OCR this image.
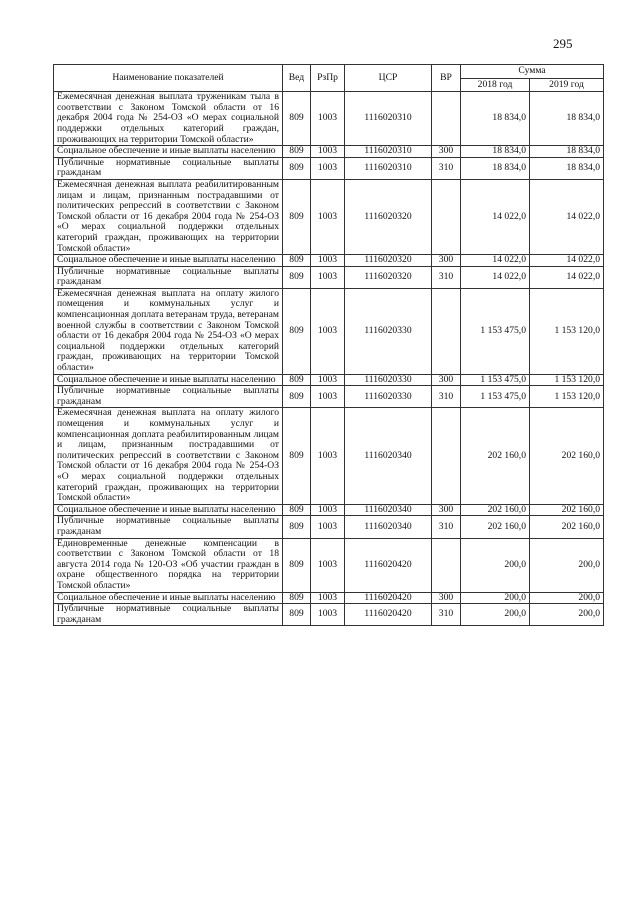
295
Наименование показателей	Вед	РзПр	ЦСР	ВР	Сумма	
					2018 год	2019 год
Ежемесячная денежная выплата труженикам тыла в соответствии с Законом Томской области от 16 декабря 2004 года № 254-ОЗ «О мерах социальной поддержки отдельных категорий граждан, проживающих на территории Томской области»	809	1003	1116020310		18 834,0	18 834,0
Социальное обеспечение и иные выплаты населению	809	1003	1116020310	300	18 834,0	18 834,0
Публичные нормативные социальные выплаты гражданам	809	1003	1116020310	310	18 834,0	18 834,0
Ежемесячная денежная выплата реабилитированным лицам и лицам, признанным пострадавшими от политических репрессий в соответствии с Законом Томской области от 16 декабря 2004 года № 254-ОЗ «О мерах социальной поддержки отдельных категорий граждан, проживающих на территории Томской области»	809	1003	1116020320		14 022,0	14 022,0
Социальное обеспечение и иные выплаты населению	809	1003	1116020320	300	14 022,0	14 022,0
Публичные нормативные социальные выплаты гражданам	809	1003	1116020320	310	14 022,0	14 022,0
Ежемесячная денежная выплата на оплату жилого помещения и коммунальных услуг и компенсационная доплата ветеранам труда, ветеранам военной службы в соответствии с Законом Томской области от 16 декабря 2004 года № 254-ОЗ «О мерах социальной поддержки отдельных категорий граждан, проживающих на территории Томской области»	809	1003	1116020330		1 153 475,0	1 153 120,0
Социальное обеспечение и иные выплаты населению	809	1003	1116020330	300	1 153 475,0	1 153 120,0
Публичные нормативные социальные выплаты гражданам	809	1003	1116020330	310	1 153 475,0	1 153 120,0
Ежемесячная денежная выплата на оплату жилого помещения и коммунальных услуг и компенсационная доплата реабилитированным лицам и лицам, признанным пострадавшими от политических репрессий в соответствии с Законом Томской области от 16 декабря 2004 года № 254-ОЗ «О мерах социальной поддержки отдельных категорий граждан, проживающих на территории Томской области»	809	1003	1116020340		202 160,0	202 160,0
Социальное обеспечение и иные выплаты населению	809	1003	1116020340	300	202 160,0	202 160,0
Публичные нормативные социальные выплаты гражданам	809	1003	1116020340	310	202 160,0	202 160,0
Единовременные денежные компенсации в соответствии с Законом Томской области от 18 августа 2014 года № 120-ОЗ «Об участии граждан в охране общественного порядка на территории Томской области»	809	1003	1116020420		200,0	200,0
Социальное обеспечение и иные выплаты населению	809	1003	1116020420	300	200,0	200,0
Публичные нормативные социальные выплаты гражданам	809	1003	1116020420	310	200,0	200,0
